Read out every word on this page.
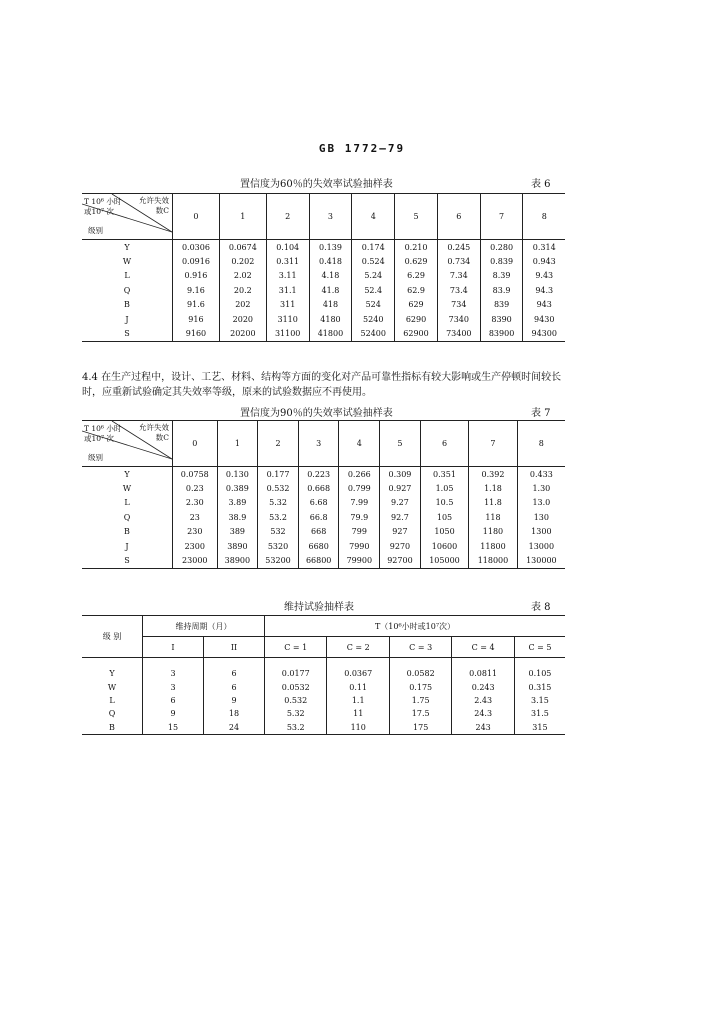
GB 1772—79
置信度为60％的失效率试验抽样表	表 6
T 10⁶ 小时
或10⁷ 次
允许失效
数C
级别	0	1	2	3	4	5	6	7	8
Y	0.0306	0.0674	0.104	0.139	0.174	0.210	0.245	0.280	0.314
W	0.0916	0.202	0.311	0.418	0.524	0.629	0.734	0.839	0.943
L	0.916	2.02	3.11	4.18	5.24	6.29	7.34	8.39	9.43
Q	9.16	20.2	31.1	41.8	52.4	62.9	73.4	83.9	94.3
B	91.6	202	311	418	524	629	734	839	943
J	916	2020	3110	4180	5240	6290	7340	8390	9430
S	9160	20200	31100	41800	52400	62900	73400	83900	94300
4.4 在生产过程中，设计、工艺、材料、结构等方面的变化对产品可靠性指标有较大影响或生产停顿时间较长时，应重新试验确定其失效率等级，原来的试验数据应不再使用。
置信度为90％的失效率试验抽样表	表 7
T 10⁶ 小时
或10⁷ 次
允许失效
数C
级别	0	1	2	3	4	5	6	7	8
Y	0.0758	0.130	0.177	0.223	0.266	0.309	0.351	0.392	0.433
W	0.23	0.389	0.532	0.668	0.799	0.927	1.05	1.18	1.30
L	2.30	3.89	5.32	6.68	7.99	9.27	10.5	11.8	13.0
Q	23	38.9	53.2	66.8	79.9	92.7	105	118	130
B	230	389	532	668	799	927	1050	1180	1300
J	2300	3890	5320	6680	7990	9270	10600	11800	13000
S	23000	38900	53200	66800	79900	92700	105000	118000	130000
维持试验抽样表	表 8
级 别	维持周期（月）		T（10⁶小时或10⁷次）				
	I	II	C = 1	C = 2	C = 3	C = 4	C = 5
Y	3	6	0.0177	0.0367	0.0582	0.0811	0.105
W	3	6	0.0532	0.11	0.175	0.243	0.315
L	6	9	0.532	1.1	1.75	2.43	3.15
Q	9	18	5.32	11	17.5	24.3	31.5
B	15	24	53.2	110	175	243	315
